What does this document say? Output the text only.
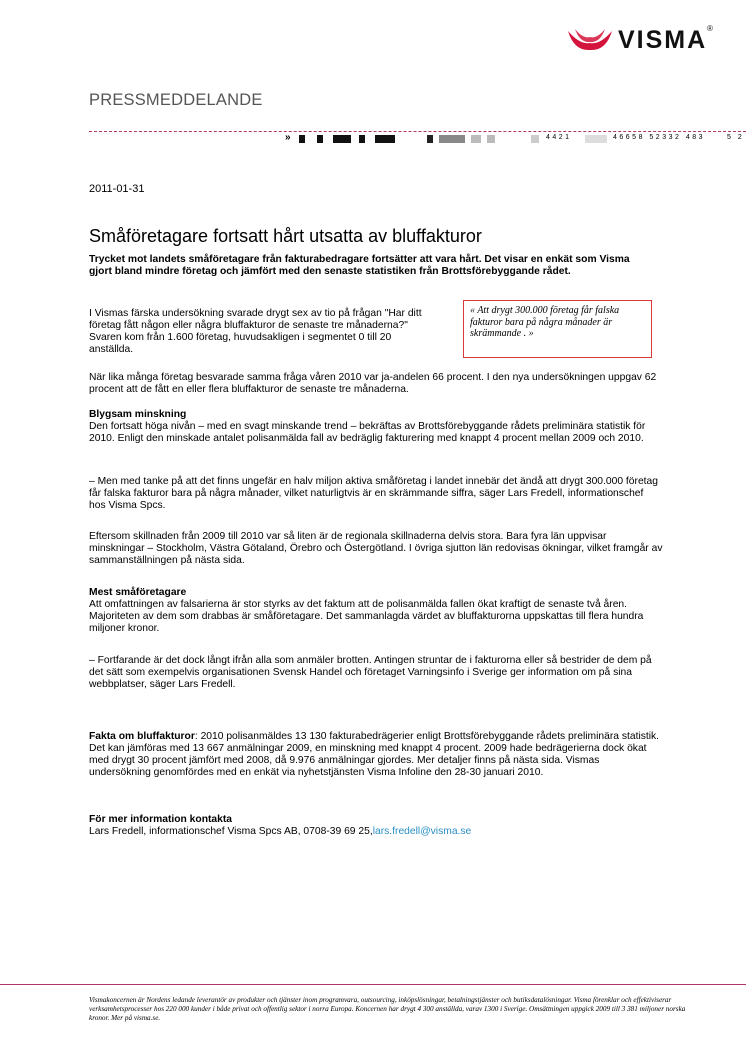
VISMA ®
PRESSMEDDELANDE
»	4421	46658 52332 483	5 2
2011-01-31
Småföretagare fortsatt hårt utsatta av bluffakturor
Trycket mot landets småföretagare från fakturabedragare fortsätter att vara hårt. Det visar en enkät som Visma gjort bland mindre företag och jämfört med den senaste statistiken från Brottsförebyggande rådet.
I Vismas färska undersökning svarade drygt sex av tio på frågan "Har ditt företag fått någon eller några bluffakturor de senaste tre månaderna?" Svaren kom från 1.600 företag, huvudsakligen i segmentet 0 till 20 anställda.
« Att drygt 300.000 företag får falska fakturor bara på några månader är skrämmande . »
När lika många företag besvarade samma fråga våren 2010 var ja-andelen 66 procent. I den nya undersökningen uppgav 62 procent att de fått en eller flera bluffakturor de senaste tre månaderna.
Blygsam minskning
Den fortsatt höga nivån – med en svagt minskande trend – bekräftas av Brottsförebyggande rådets preliminära statistik för 2010. Enligt den minskade antalet polisanmälda fall av bedräglig fakturering med knappt 4 procent mellan 2009 och 2010.
– Men med tanke på att det finns ungefär en halv miljon aktiva småföretag i landet innebär det ändå att drygt 300.000 företag får falska fakturor bara på några månader, vilket naturligtvis är en skrämmande siffra, säger Lars Fredell, informationschef hos Visma Spcs.
Eftersom skillnaden från 2009 till 2010 var så liten är de regionala skillnaderna delvis stora. Bara fyra län uppvisar minskningar – Stockholm, Västra Götaland, Örebro och Östergötland. I övriga sjutton län redovisas ökningar, vilket framgår av sammanställningen på nästa sida.
Mest småföretagare
Att omfattningen av falsarierna är stor styrks av det faktum att de polisanmälda fallen ökat kraftigt de senaste två åren. Majoriteten av dem som drabbas är småföretagare. Det sammanlagda värdet av bluffakturorna uppskattas till flera hundra miljoner kronor.
– Fortfarande är det dock långt ifrån alla som anmäler brotten. Antingen struntar de i fakturorna eller så bestrider de dem på det sätt som exempelvis organisationen Svensk Handel och företaget Varningsinfo i Sverige ger information om på sina webbplatser, säger Lars Fredell.
Fakta om bluffakturor: 2010 polisanmäldes 13 130 fakturabedrägerier enligt Brottsförebyggande rådets preliminära statistik. Det kan jämföras med 13 667 anmälningar 2009, en minskning med knappt 4 procent. 2009 hade bedrägerierna dock ökat med drygt 30 procent jämfört med 2008, då 9.976 anmälningar gjordes. Mer detaljer finns på nästa sida. Vismas undersökning genomfördes med en enkät via nyhetstjänsten Visma Infoline den 28-30 januari 2010.
För mer information kontakta
Lars Fredell, informationschef Visma Spcs AB, 0708-39 69 25,lars.fredell@visma.se
Vismakoncernen är Nordens ledande leverantör av produkter och tjänster inom programvara, outsourcing, inköpslösningar, betalningstjänster och butiksdatalösningar. Visma förenklar och effektiviserar verksamhetsprocesser hos 220 000 kunder i både privat och offentlig sektor i norra Europa. Koncernen har drygt 4 300 anställda, varav 1300 i Sverige. Omsättningen uppgick 2009 till 3 381 miljoner norska kronor. Mer på visma.se.
